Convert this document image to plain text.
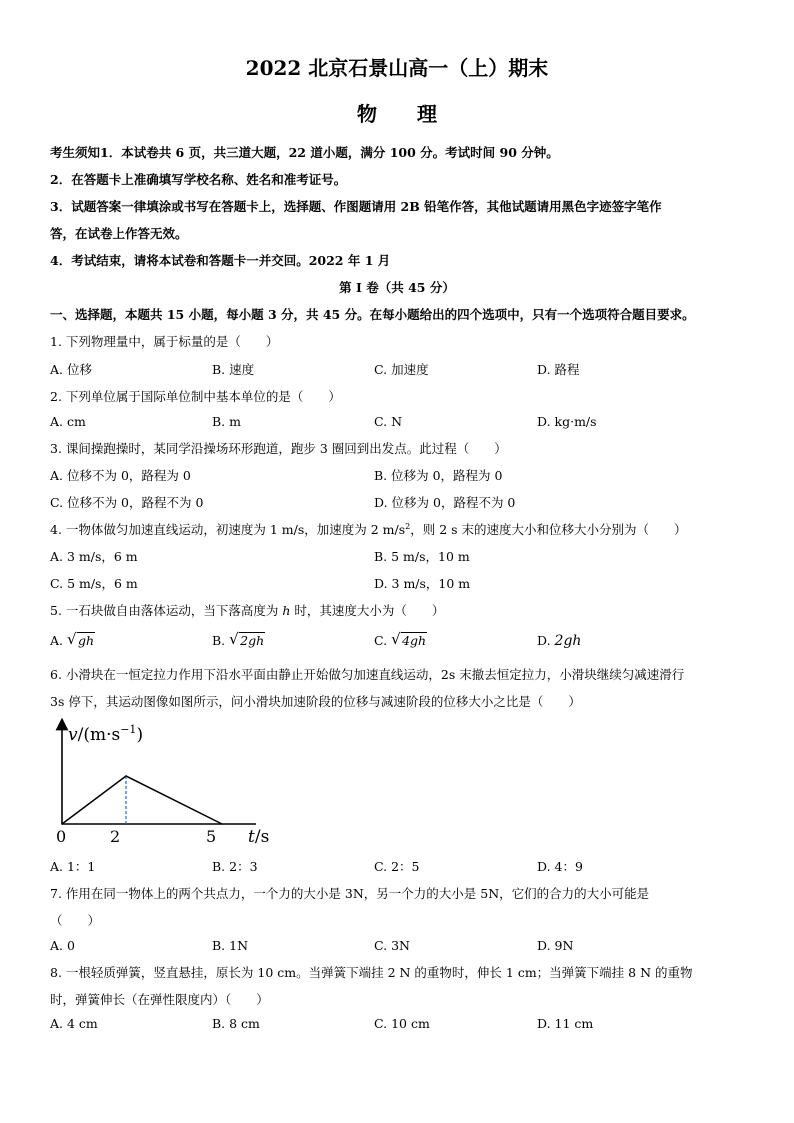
2022 北京石景山高一（上）期末
物　　理
考生须知1．本试卷共 6 页，共三道大题，22 道小题，满分 100 分。考试时间 90 分钟。
2．在答题卡上准确填写学校名称、姓名和准考证号。
3．试题答案一律填涂或书写在答题卡上，选择题、作图题请用 2B 铅笔作答，其他试题请用黑色字迹签字笔作
答，在试卷上作答无效。
4．考试结束，请将本试卷和答题卡一并交回。2022 年 1 月
第 I 卷（共 45 分）
一、选择题，本题共 15 小题，每小题 3 分，共 45 分。在每小题给出的四个选项中，只有一个选项符合题目要求。
1. 下列物理量中，属于标量的是（　　）
A. 位移	B. 速度	C. 加速度	D. 路程
2. 下列单位属于国际单位制中基本单位的是（　　）
A. cm	B. m	C. N	D. kg·m/s
3. 课间操跑操时，某同学沿操场环形跑道，跑步 3 圈回到出发点。此过程（　　）
A. 位移不为 0，路程为 0	B. 位移为 0，路程为 0
C. 位移不为 0，路程不为 0	D. 位移为 0，路程不为 0
4. 一物体做匀加速直线运动，初速度为 1 m/s，加速度为 2 $m/s^2$，则 2 s 末的速度大小和位移大小分别为（　　）
A. 3 m/s，6 m	B. 5 m/s，10 m
C. 5 m/s，6 m	D. 3 m/s，10 m
5. 一石块做自由落体运动，当下落高度为 h 时，其速度大小为（　　）
A. √ gh	B. √ 2gh	C. √ 4gh	D. 2gh
6. 小滑块在一恒定拉力作用下沿水平面由静止开始做匀加速直线运动，2s 末撤去恒定拉力，小滑块继续匀减速滑行
3s 停下，其运动图像如图所示，问小滑块加速阶段的位移与减速阶段的位移大小之比是（　　）
$v/(m\cdot s^{-1})$
0	2	5 t/s
A. 1：1	B. 2：3	C. 2：5	D. 4：9
7. 作用在同一物体上的两个共点力，一个力的大小是 3N，另一个力的大小是 5N，它们的合力的大小可能是
（　　）
A. 0	B. 1N	C. 3N	D. 9N
8. 一根轻质弹簧，竖直悬挂，原长为 10 cm。当弹簧下端挂 2 N 的重物时，伸长 1 cm；当弹簧下端挂 8 N 的重物
时，弹簧伸长（在弹性限度内）（　　）
A. 4 cm	B. 8 cm	C. 10 cm	D. 11 cm
